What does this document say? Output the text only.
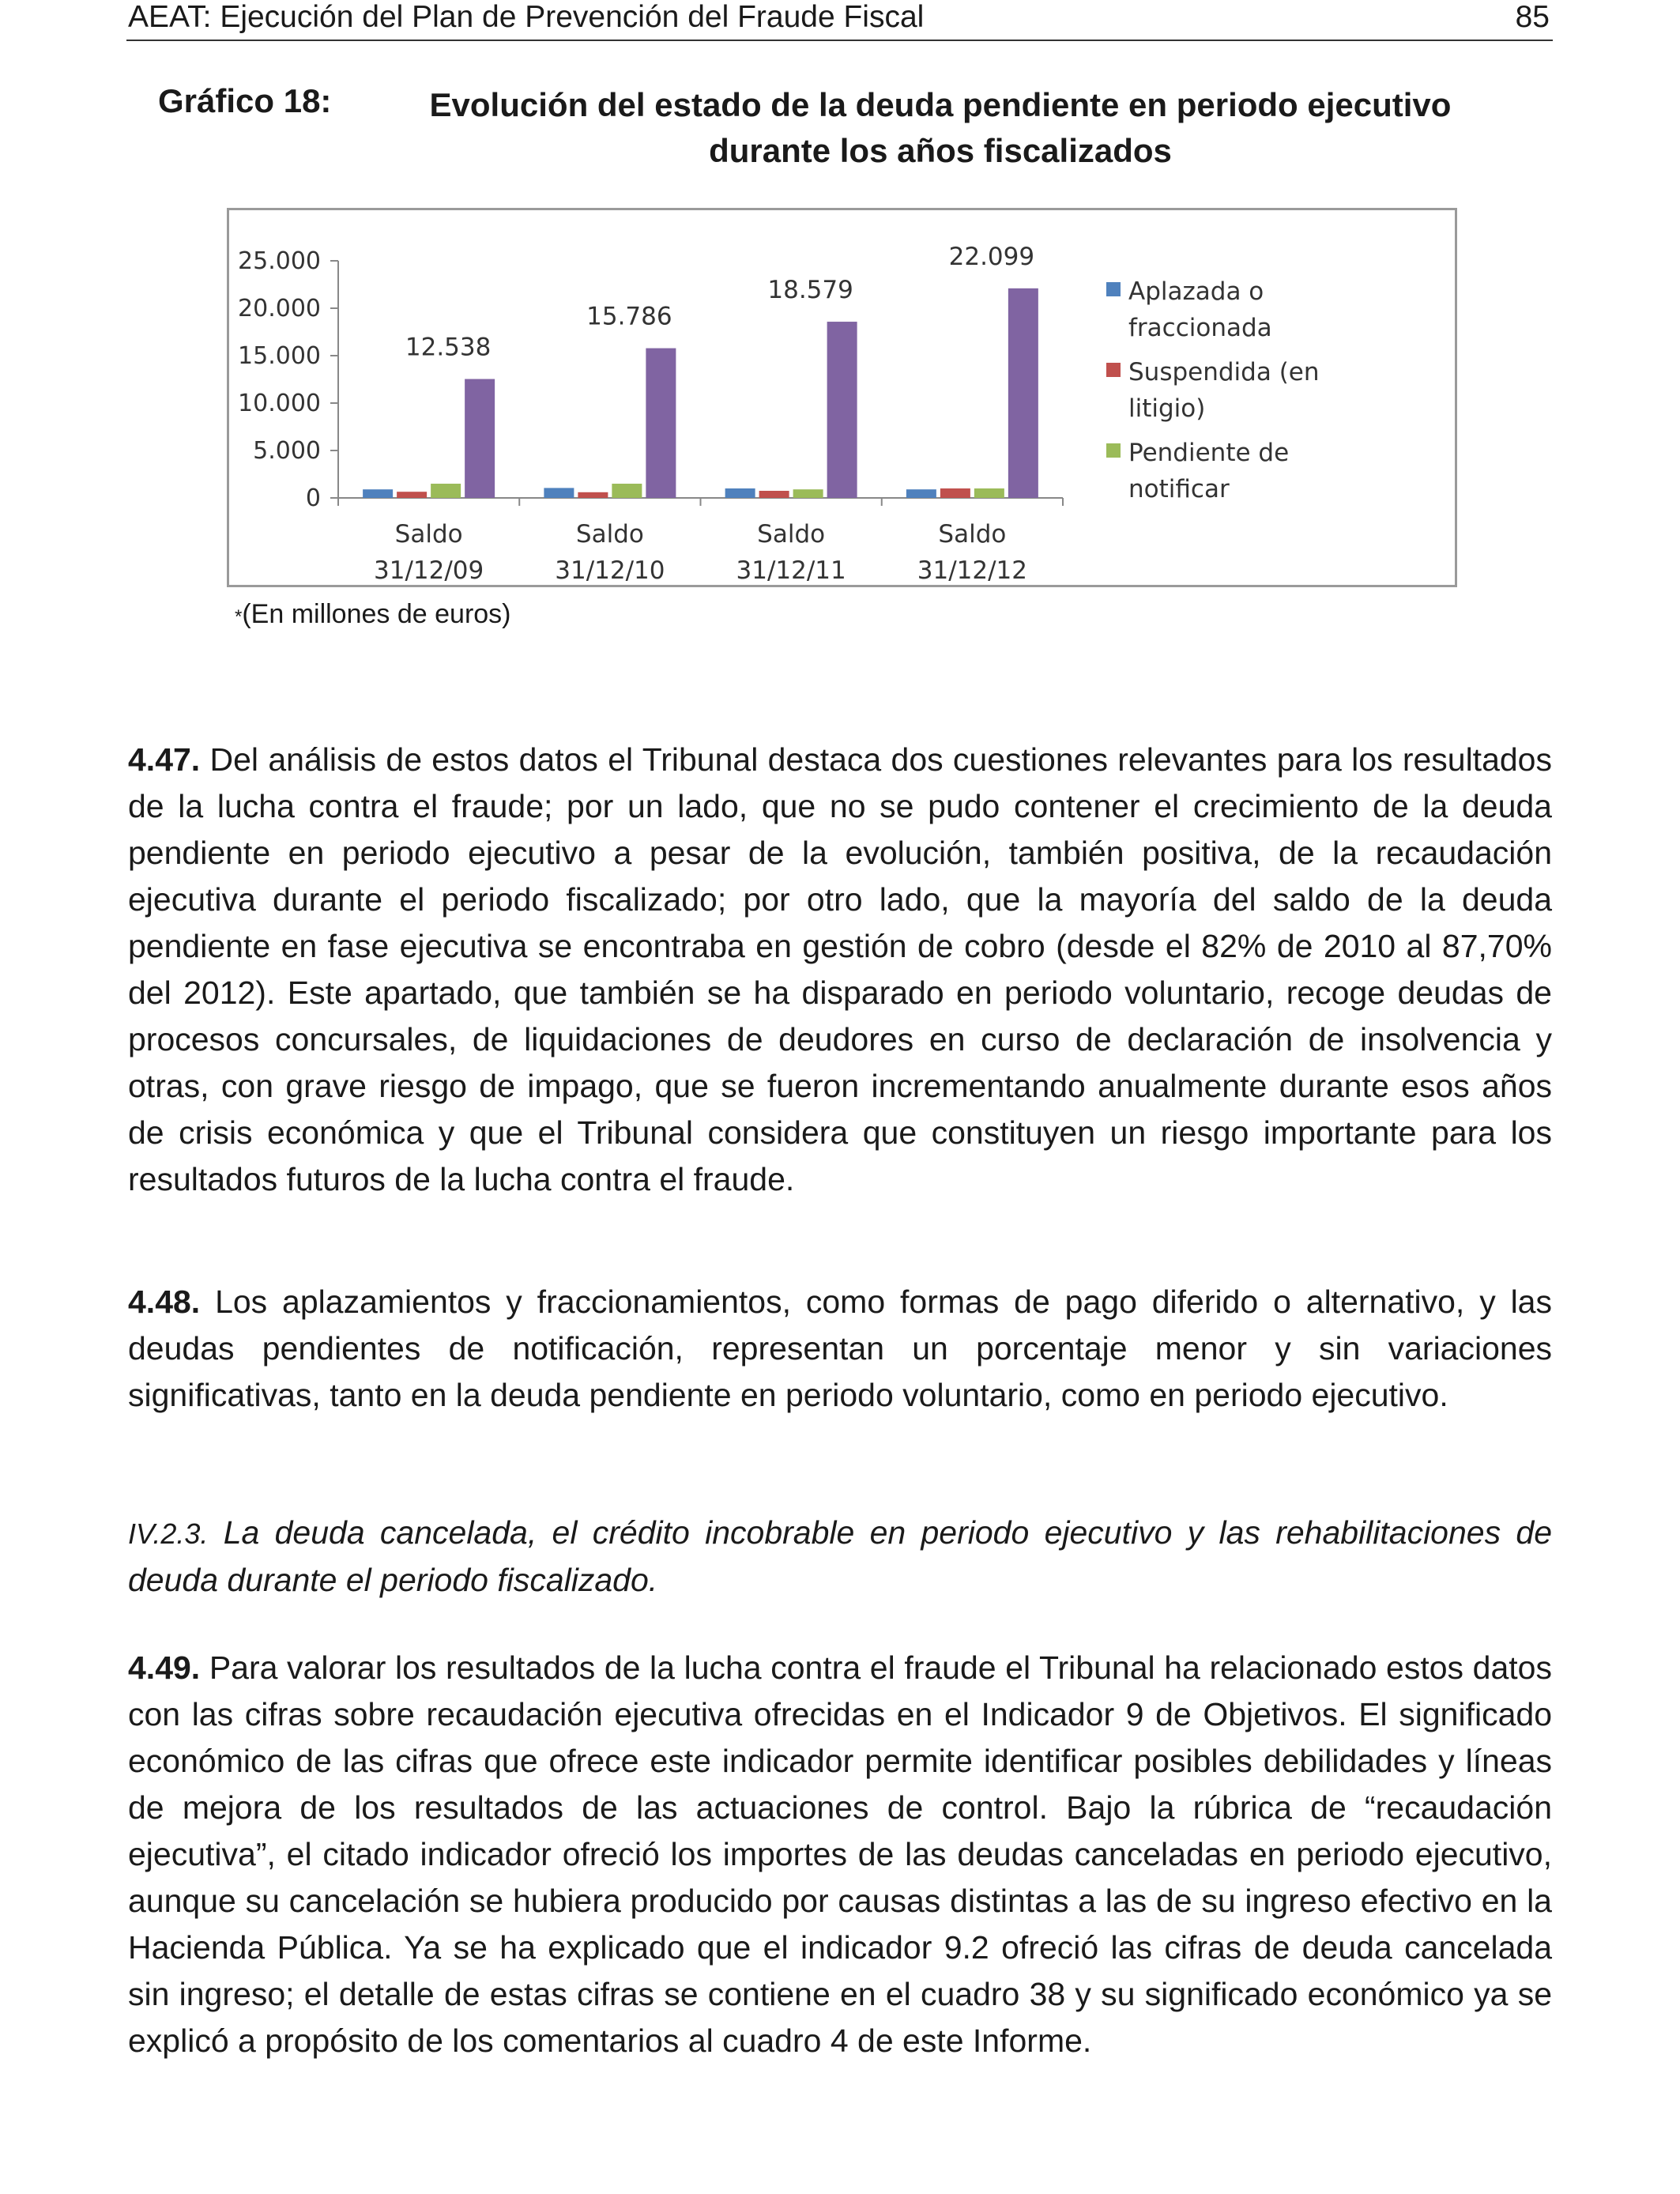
AEAT: Ejecución del Plan de Prevención del Fraude Fiscal	85
Gráfico 18:	Evolución del estado de la deuda pendiente en periodo ejecutivo durante los años fiscalizados
0
5.000
10.000
15.000
20.000
25.000
12.538
Saldo
31/12/09
15.786
Saldo
31/12/10
18.579
Saldo
31/12/11
22.099
Saldo
31/12/12
Aplazada o
fraccionada
Suspendida (en
litigio)
Pendiente de
notificar
*(En millones de euros)

4.47. Del análisis de estos datos el Tribunal destaca dos cuestiones relevantes para los resultados de la lucha contra el fraude; por un lado, que no se pudo contener el crecimiento de la deuda pendiente en periodo ejecutivo a pesar de la evolución, también positiva, de la recaudación ejecutiva durante el periodo fiscalizado; por otro lado, que la mayoría del saldo de la deuda pendiente en fase ejecutiva se encontraba en gestión de cobro (desde el 82% de 2010 al 87,70% del 2012). Este apartado, que también se ha disparado en periodo voluntario, recoge deudas de procesos concursales, de liquidaciones de deudores en curso de declaración de insolvencia y otras, con grave riesgo de impago, que se fueron incrementando anualmente durante esos años de crisis económica y que el Tribunal considera que constituyen un riesgo importante para los resultados futuros de la lucha contra el fraude.

4.48. Los aplazamientos y fraccionamientos, como formas de pago diferido o alternativo, y las deudas pendientes de notificación, representan un porcentaje menor y sin variaciones significativas, tanto en la deuda pendiente en periodo voluntario, como en periodo ejecutivo.

IV.2.3. La deuda cancelada, el crédito incobrable en periodo ejecutivo y las rehabilitaciones de deuda durante el periodo fiscalizado.

4.49. Para valorar los resultados de la lucha contra el fraude el Tribunal ha relacionado estos datos con las cifras sobre recaudación ejecutiva ofrecidas en el Indicador 9 de Objetivos. El significado económico de las cifras que ofrece este indicador permite identificar posibles debilidades y líneas de mejora de los resultados de las actuaciones de control. Bajo la rúbrica de “recaudación ejecutiva”, el citado indicador ofreció los importes de las deudas canceladas en periodo ejecutivo, aunque su cancelación se hubiera producido por causas distintas a las de su ingreso efectivo en la Hacienda Pública. Ya se ha explicado que el indicador 9.2 ofreció las cifras de deuda cancelada sin ingreso; el detalle de estas cifras se contiene en el cuadro 38 y su significado económico ya se explicó a propósito de los comentarios al cuadro 4 de este Informe.
